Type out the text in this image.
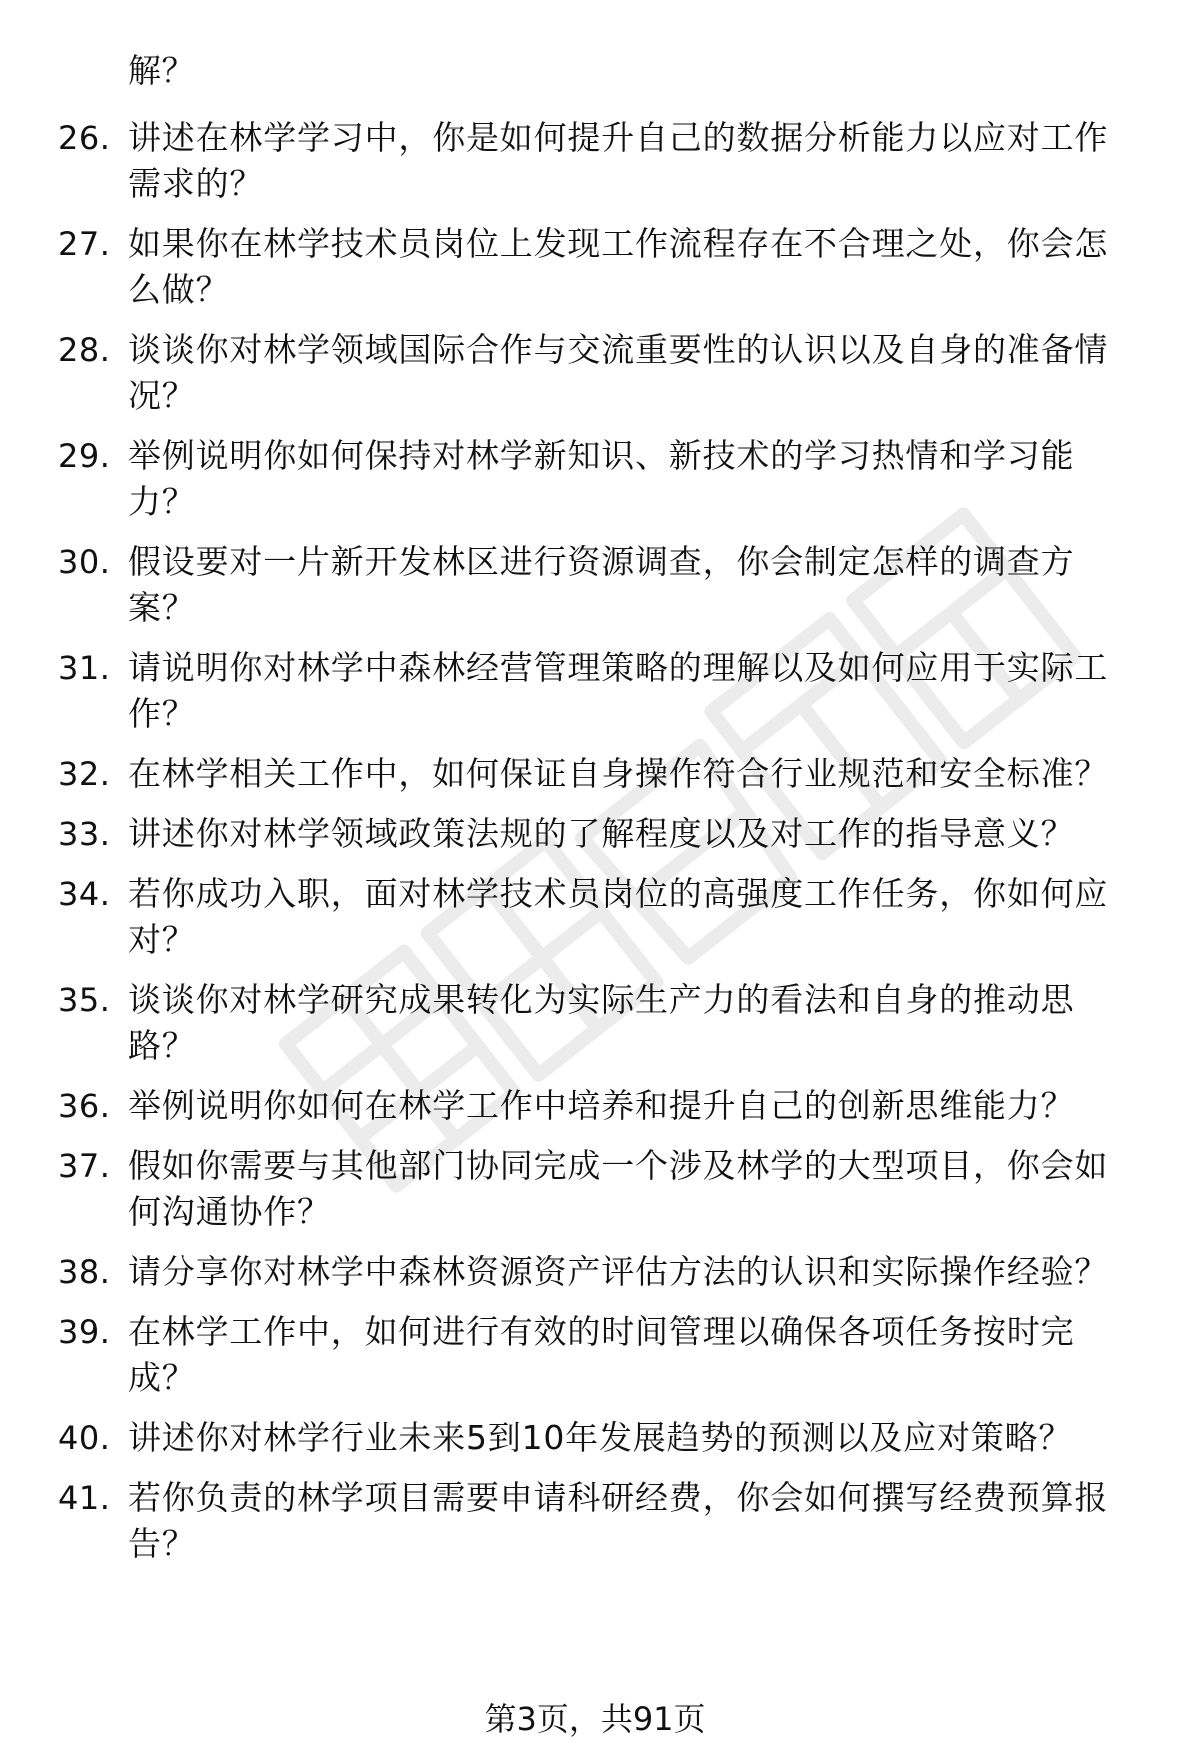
解？

26. 讲述在林学学习中，你是如何提升自己的数据分析能力以应对工作需求的？
27. 如果你在林学技术员岗位上发现工作流程存在不合理之处，你会怎么做？
28. 谈谈你对林学领域国际合作与交流重要性的认识以及自身的准备情况？
29. 举例说明你如何保持对林学新知识、新技术的学习热情和学习能力？
30. 假设要对一片新开发林区进行资源调查，你会制定怎样的调查方案？
31. 请说明你对林学中森林经营管理策略的理解以及如何应用于实际工作？
32. 在林学相关工作中，如何保证自身操作符合行业规范和安全标准？
33. 讲述你对林学领域政策法规的了解程度以及对工作的指导意义？
34. 若你成功入职，面对林学技术员岗位的高强度工作任务，你如何应对？
35. 谈谈你对林学研究成果转化为实际生产力的看法和自身的推动思路？
36. 举例说明你如何在林学工作中培养和提升自己的创新思维能力？
37. 假如你需要与其他部门协同完成一个涉及林学的大型项目，你会如何沟通协作？
38. 请分享你对林学中森林资源资产评估方法的认识和实际操作经验？
39. 在林学工作中，如何进行有效的时间管理以确保各项任务按时完成？
40. 讲述你对林学行业未来5到10年发展趋势的预测以及应对策略？
41. 若你负责的林学项目需要申请科研经费，你会如何撰写经费预算报告？
第3页，共91页
